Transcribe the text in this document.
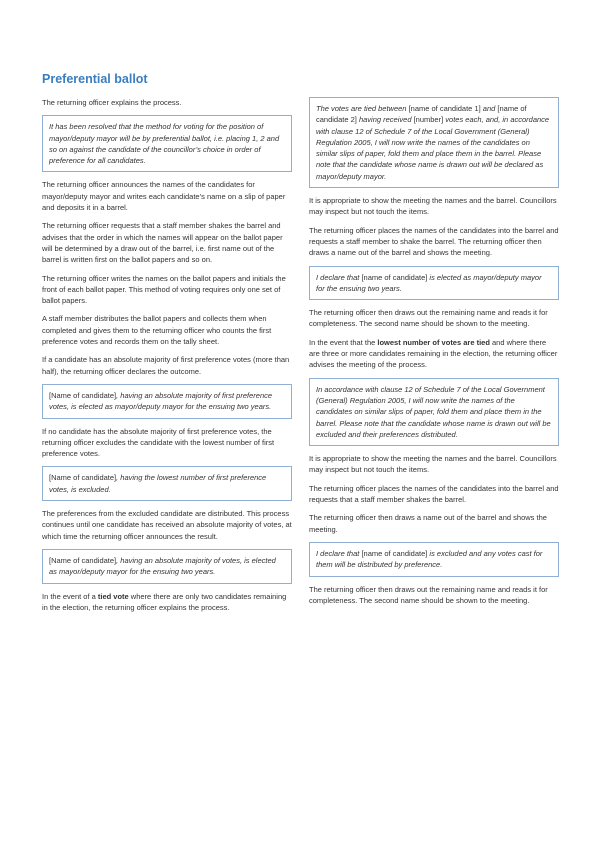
Preferential ballot

The returning officer explains the process.

It has been resolved that the method for voting for the position of mayor/deputy mayor will be by preferential ballot, i.e. placing 1, 2 and so on against the candidate of the councillor’s choice in order of preference for all candidates.

The returning officer announces the names of the candidates for mayor/deputy mayor and writes each candidate’s name on a slip of paper and deposits it in a barrel.

The returning officer requests that a staff member shakes the barrel and advises that the order in which the names will appear on the ballot paper will be determined by a draw out of the barrel, i.e. first name out of the barrel is written first on the ballot papers and so on.

The returning officer writes the names on the ballot papers and initials the front of each ballot paper. This method of voting requires only one set of ballot papers.

A staff member distributes the ballot papers and collects them when completed and gives them to the returning officer who counts the first preference votes and records them on the tally sheet.

If a candidate has an absolute majority of first preference votes (more than half), the returning officer declares the outcome.

[Name of candidate], having an absolute majority of first preference votes, is elected as mayor/deputy mayor for the ensuing two years.

If no candidate has the absolute majority of first preference votes, the returning officer excludes the candidate with the lowest number of first preference votes.

[Name of candidate], having the lowest number of first preference votes, is excluded.

The preferences from the excluded candidate are distributed. This process continues until one candidate has received an absolute majority of votes, at which time the returning officer announces the result.

[Name of candidate], having an absolute majority of votes, is elected as mayor/deputy mayor for the ensuing two years.

In the event of a tied vote where there are only two candidates remaining in the election, the returning officer explains the process.

The votes are tied between [name of candidate 1] and [name of candidate 2] having received [number] votes each, and, in accordance with clause 12 of Schedule 7 of the Local Government (General) Regulation 2005, I will now write the names of the candidates on similar slips of paper, fold them and place them in the barrel. Please note that the candidate whose name is drawn out will be declared as mayor/deputy mayor.

It is appropriate to show the meeting the names and the barrel. Councillors may inspect but not touch the items.

The returning officer places the names of the candidates into the barrel and requests a staff member to shake the barrel. The returning officer then draws a name out of the barrel and shows the meeting.

I declare that [name of candidate] is elected as mayor/deputy mayor for the ensuing two years.

The returning officer then draws out the remaining name and reads it for completeness. The second name should be shown to the meeting.

In the event that the lowest number of votes are tied and where there are three or more candidates remaining in the election, the returning officer advises the meeting of the process.

In accordance with clause 12 of Schedule 7 of the Local Government (General) Regulation 2005, I will now write the names of the candidates on similar slips of paper, fold them and place them in the barrel. Please note that the candidate whose name is drawn out will be excluded and their preferences distributed.

It is appropriate to show the meeting the names and the barrel. Councillors may inspect but not touch the items.

The returning officer places the names of the candidates into the barrel and requests that a staff member shakes the barrel.

The returning officer then draws a name out of the barrel and shows the meeting.

I declare that [name of candidate] is excluded and any votes cast for them will be distributed by preference.

The returning officer then draws out the remaining name and reads it for completeness. The second name should be shown to the meeting.
